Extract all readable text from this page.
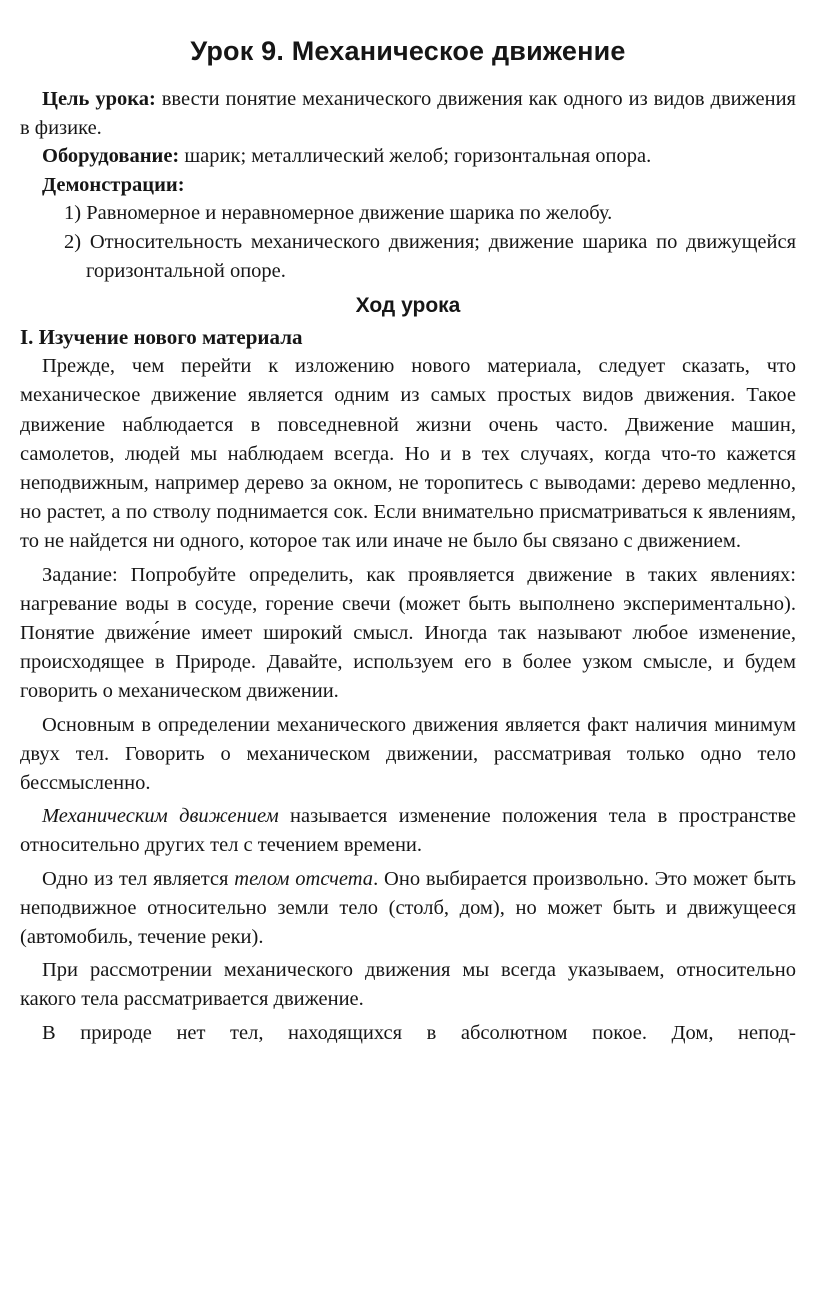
Урок 9. Механическое движение

Цель урока: ввести понятие механического движения как одного из видов движения в физике.

Оборудование: шарик; металлический желоб; горизонтальная опора.

Демонстрации:

1) Равномерное и неравномерное движение шарика по желобу.
2) Относительность механического движения; движение шарика по движущейся горизонтальной опоре.
Ход урока
I. Изучение нового материала

Прежде, чем перейти к изложению нового материала, следует сказать, что механическое движение является одним из самых простых видов движения. Такое движение наблюдается в повседневной жизни очень часто. Движение машин, самолетов, людей мы наблюдаем всегда. Но и в тех случаях, когда что-то кажется неподвижным, например дерево за окном, не торопитесь с выводами: дерево медленно, но растет, а по стволу поднимается сок. Если внимательно присматриваться к явлениям, то не найдется ни одного, которое так или иначе не было бы связано с движением.

Задание: Попробуйте определить, как проявляется движение в таких явлениях: нагревание воды в сосуде, горение свечи (может быть выполнено экспериментально). Понятие движе́ние имеет широкий смысл. Иногда так называют любое изменение, происходящее в Природе. Давайте, используем его в более узком смысле, и будем говорить о механическом движении.

Основным в определении механического движения является факт наличия минимум двух тел. Говорить о механическом движении, рассматривая только одно тело бессмысленно.

Механическим движением называется изменение положения тела в пространстве относительно других тел с течением времени.

Одно из тел является телом отсчета. Оно выбирается произвольно. Это может быть неподвижное относительно земли тело (столб, дом), но может быть и движущееся (автомобиль, течение реки).

При рассмотрении механического движения мы всегда указываем, относительно какого тела рассматривается движение.

В природе нет тел, находящихся в абсолютном покое. Дом, непод-
